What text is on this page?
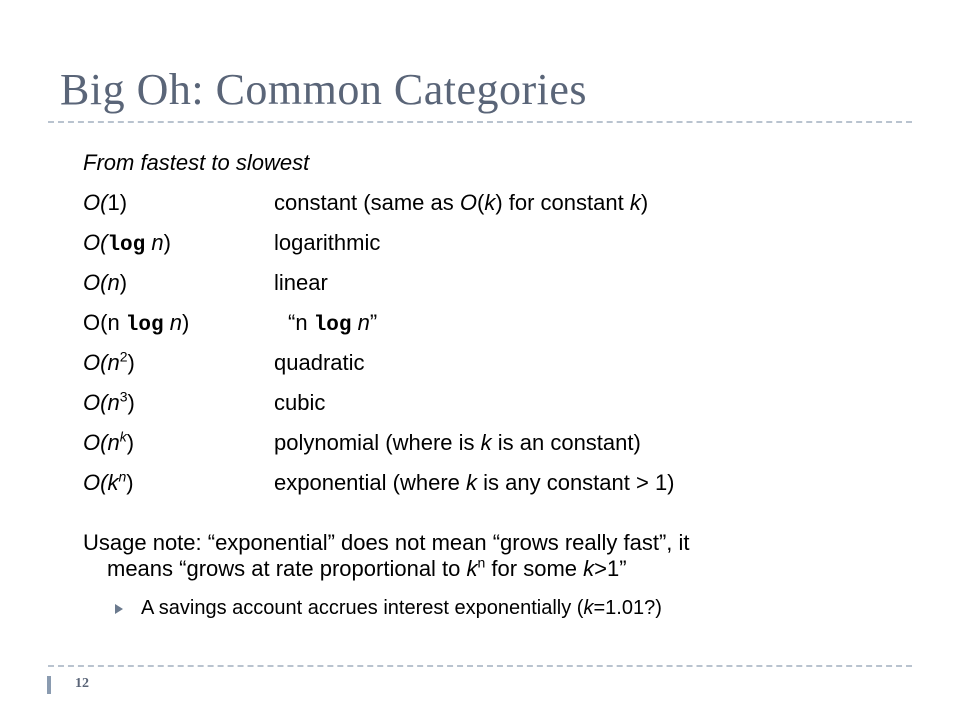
Big Oh: Common Categories
From fastest to slowest
O(1)	constant (same as O(k) for constant k)
O(log n)	logarithmic
O(n)	linear
O(n log n)	“n log n”
$O(n^2)$	quadratic
$O(n^3)$	cubic
$O(n^k)$	polynomial (where is k is an constant)
$O(k^n)$	exponential (where k is any constant > 1)
Usage note: “exponential” does not mean “grows really fast”, it
means “grows at rate proportional to $k^n$ for some k>1”
A savings account accrues interest exponentially (k=1.01?)
12
